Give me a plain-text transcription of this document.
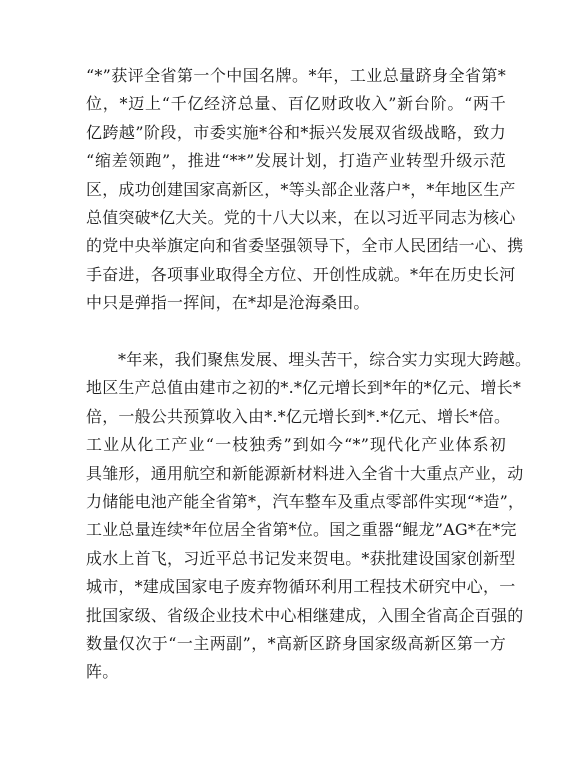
“*”获评全省第一个中国名牌。*年，工业总量跻身全省第*
位，*迈上“千亿经济总量、百亿财政收入”新台阶。“两千
亿跨越”阶段，市委实施*谷和*振兴发展双省级战略，致力
“缩差领跑”，推进“**”发展计划，打造产业转型升级示范
区，成功创建国家高新区，*等头部企业落户*，*年地区生产
总值突破*亿大关。党的十八大以来，在以习近平同志为核心
的党中央举旗定向和省委坚强领导下，全市人民团结一心、携
手奋进，各项事业取得全方位、开创性成就。*年在历史长河
中只是弹指一挥间，在*却是沧海桑田。
*年来，我们聚焦发展、埋头苦干，综合实力实现大跨越。
地区生产总值由建市之初的*.*亿元增长到*年的*亿元、增长*
倍，一般公共预算收入由*.*亿元增长到*.*亿元、增长*倍。
工业从化工产业“一枝独秀”到如今“*”现代化产业体系初
具雏形，通用航空和新能源新材料进入全省十大重点产业，动
力储能电池产能全省第*，汽车整车及重点零部件实现“*造”，
工业总量连续*年位居全省第*位。国之重器“鲲龙”AG*在*完
成水上首飞，习近平总书记发来贺电。*获批建设国家创新型
城市，*建成国家电子废弃物循环利用工程技术研究中心，一
批国家级、省级企业技术中心相继建成，入围全省高企百强的
数量仅次于“一主两副”，*高新区跻身国家级高新区第一方
阵。
